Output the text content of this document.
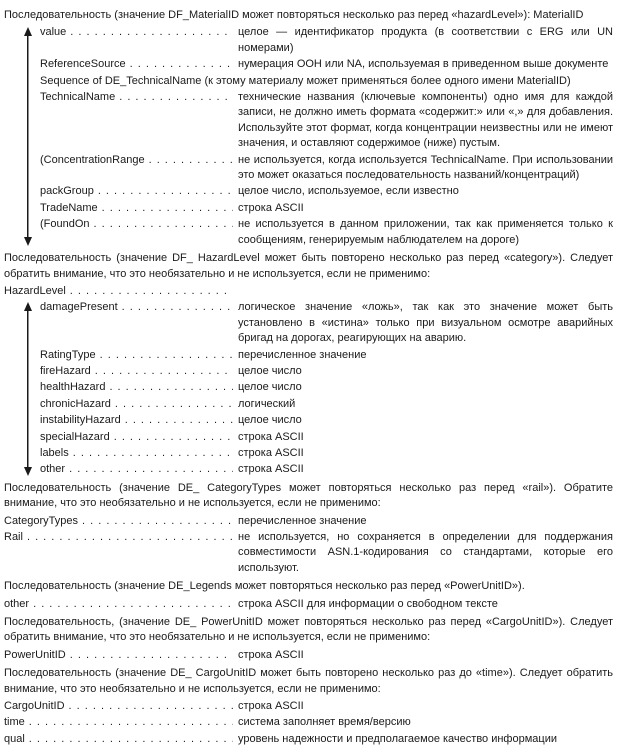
Последовательность (значение DF_MaterialID может повторяться несколько раз перед «hazardLevel»): MaterialID

value . . .	целое — идентификатор продукта (в соответствии с ERG или UN номерами)
ReferenceSource . . .	нумерация ООН или NA, используемая в приведенном выше документе
Sequence of DE_TechnicalName (к этому материалу может применяться более одного имени MaterialID)
TechnicalName . . .	технические названия (ключевые компоненты) одно имя для каждой записи, не должно иметь формата «содержит:» или «,» для добавления. Используйте этот формат, когда концентрации неизвестны или не имеют значения, и оставляют содержимое (ниже) пустым.
(ConcentrationRange . . .	не используется, когда используется TechnicalName. При использовании это может оказаться последовательность названий/концентраций)
packGroup . . .	целое число, используемое, если известно
TradeName . . .	строка ASCII
(FoundOn . . .	не используется в данном приложении, так как применяется только к сообщениям, генерируемым наблюдателем на дороге)

Последовательность (значение DF_ HazardLevel может быть повторено несколько раз перед «category»). Следует обратить внимание, что это необязательно и не используется, если не применимо:

HazardLevel
. . .
damagePresent . . .	логическое значение «ложь», так как это значение может быть установлено в «истина» только при визуальном осмотре аварийных бригад на дорогах, реагирующих на аварию.
RatingType . . .	перечисленное значение
fireHazard . . .	целое число
healthHazard . . .	целое число
chronicHazard . . .	логический
instabilityHazard . . .	целое число
specialHazard . . .	строка ASCII
labels . . .	строка ASCII
other . . .	строка ASCII

Последовательность (значение DE_ CategoryTypes может повторяться несколько раз перед «rail»). Обратите внимание, что это необязательно и не используется, если не применимо:

CategoryTypes . . .	перечисленное значение
Rail . . .	не используется, но сохраняется в определении для поддержания совместимости ASN.1-кодирования со стандартами, которые его используют.

Последовательность (значение DE_Legends может повторяться несколько раз перед «PowerUnitID»).

other . . .	строка ASCII для информации о свободном тексте

Последовательность, (значение DE_ PowerUnitID может повторяться несколько раз перед «CargoUnitID»). Следует обратить внимание, что это необязательно и не используется, если не применимо:

PowerUnitID . . .	строка ASCII

Последовательность (значение DE_ CargoUnitID может быть повторено несколько раз до «time»). Следует обратить внимание, что это необязательно и не используется, если не применимо:

CargoUnitID . . .	строка ASCII
time . . .	система заполняет время/версию
qual . . .	уровень надежности и предполагаемое качество информации
